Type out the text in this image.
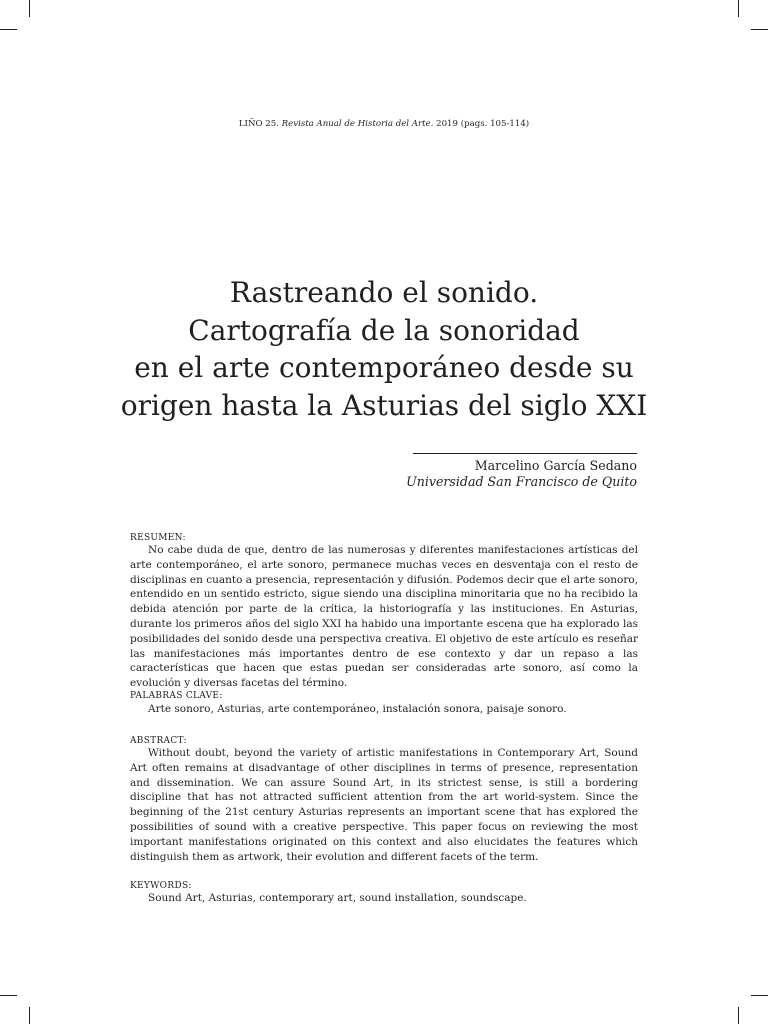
LIÑO 25. Revista Anual de Historia del Arte. 2019 (pags. 105-114)
Rastreando el sonido.
Cartografía de la sonoridad
en el arte contemporáneo desde su
origen hasta la Asturias del siglo XXI
Marcelino García Sedano
Universidad San Francisco de Quito
RESUMEN:

No cabe duda de que, dentro de las numerosas y diferentes manifestaciones artísticas del arte contemporáneo, el arte sonoro, permanece muchas veces en desventaja con el resto de disciplinas en cuanto a presencia, representación y difusión. Podemos decir que el arte sonoro, entendido en un sentido estricto, sigue siendo una disciplina minoritaria que no ha recibido la debida atención por parte de la crítica, la historiografía y las instituciones. En Asturias, durante los primeros años del siglo XXI ha habido una importante escena que ha explorado las posibilidades del sonido desde una perspectiva creativa. El objetivo de este artículo es reseñar las manifestaciones más importantes dentro de ese contexto y dar un repaso a las características que hacen que estas puedan ser consideradas arte sonoro, así como la evolución y diversas facetas del término.

PALABRAS CLAVE:
Arte sonoro, Asturias, arte contemporáneo, instalación sonora, paisaje sonoro.
ABSTRACT:

Without doubt, beyond the variety of artistic manifestations in Contemporary Art, Sound Art often remains at disadvantage of other disciplines in terms of presence, representation and dissemination. We can assure Sound Art, in its strictest sense, is still a bordering discipline that has not attracted sufficient attention from the art world-system. Since the beginning of the 21st century Asturias represents an important scene that has explored the possibilities of sound with a creative perspective. This paper focus on reviewing the most important manifestations originated on this context and also elucidates the features which distinguish them as artwork, their evolution and different facets of the term.

KEYWORDS:
Sound Art, Asturias, contemporary art, sound installation, soundscape.
